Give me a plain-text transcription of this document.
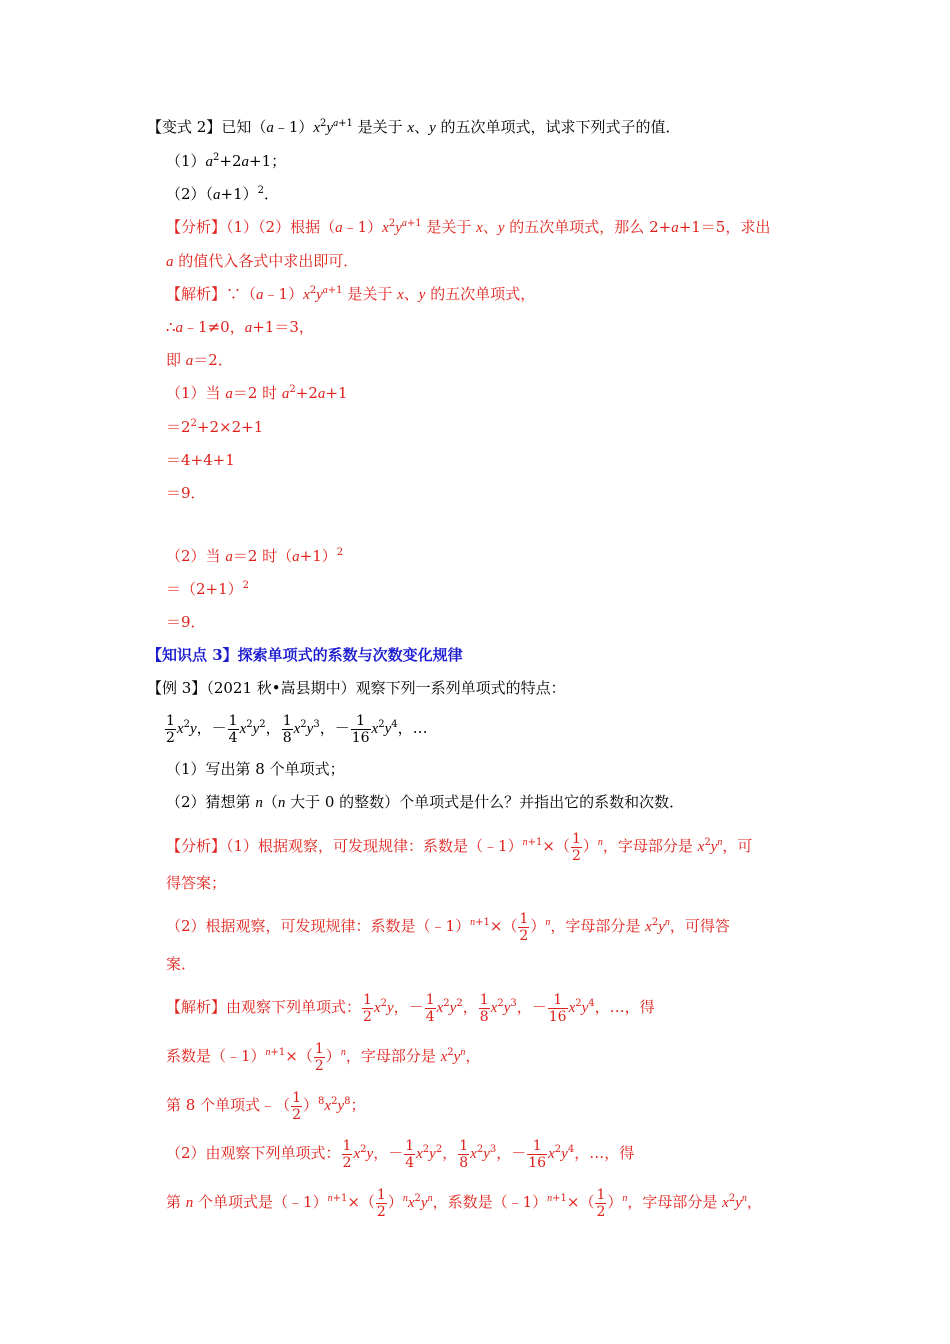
【变式 2】已知$(a﹣1)x^2y^{a+1}$ 是关于 x、y 的五次单项式，试求下列式子的值．
$(1)a^2+2a+1$；
$(2)(a+1)^2$．
【分析】（1）（2）根据$(a﹣1)x^2y^{a+1}$ 是关于 x、y 的五次单项式，那么 2+a+1＝5，求出
a 的值代入各式中求出即可．
【解析】$\because(a﹣1)x^2y^{a+1}$ 是关于 x、y 的五次单项式，
∴a﹣1≠0，a+1＝3，
即 a＝2．
（1）当 a＝2 时 $a^2+2a+1$
$=2^2+2\times 2+1$
＝4+4+1
＝9．
（2）当 a＝2 时$(a+1)^2$
$=(2+1)^2$
＝9．
【知识点 3】探索单项式的系数与次数变化规律
【例 3】（2021 秋•嵩县期中）观察下列一系列单项式的特点：
$\frac{1}{2} x^2y$，－ $\frac{1}{4} x^2y^2$， $\frac{1}{8} x^2y^3$，－ $\frac{1}{16} x^2y^4$，…
（1）写出第 8 个单项式；
（2）猜想第 n（n 大于 0 的整数）个单项式是什么？并指出它的系数和次数．
【分析】（1）根据观察，可发现规律：系数是（﹣1）$^{n+1}$×（ $\frac{1}{2} )^n$，字母部分是 $x^2y^n$，可
得答案；
（2）根据观察，可发现规律：系数是（﹣1）$^{n+1}$×（ $\frac{1}{2} )^n$，字母部分是 $x^2y^n$，可得答
案．
【解析】由观察下列单项式： $\frac{1}{2} x^2y$，－ $\frac{1}{4} x^2y^2$， $\frac{1}{8} x^2y^3$，－ $\frac{1}{16} x^2y^4$，…，得
系数是（﹣1）$^{n+1}$×（ $\frac{1}{2} )^n$，字母部分是 $x^2y^n$，
第 8 个单项式﹣（ $\frac{1}{2} )^8x^2y^8$；
（2）由观察下列单项式： $\frac{1}{2} x^2y$，－ $\frac{1}{4} x^2y^2$， $\frac{1}{8} x^2y^3$，－ $\frac{1}{16} x^2y^4$，…，得
第 n 个单项式是（﹣1）$^{n+1}$×（ $\frac{1}{2} )^nx^2y^n$，系数是（﹣1）$^{n+1}$×（ $\frac{1}{2} )^n$，字母部分是 $x^2y^n$，
